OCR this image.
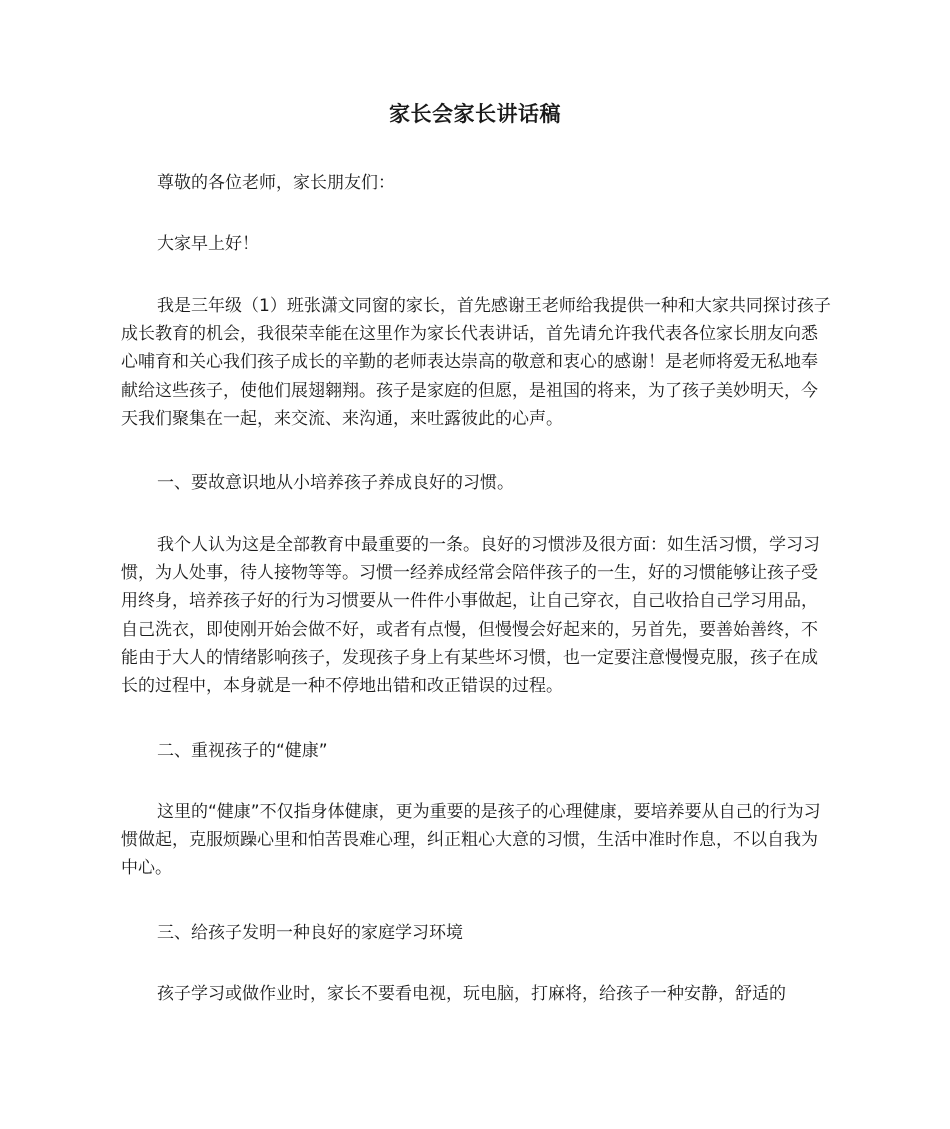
家长会家长讲话稿

尊敬的各位老师，家长朋友们：

大家早上好！

我是三年级（1）班张潇文同窗的家长，首先感谢王老师给我提供一种和大家共同探讨孩子成长教育的机会，我很荣幸能在这里作为家长代表讲话，首先请允许我代表各位家长朋友向悉心哺育和关心我们孩子成长的辛勤的老师表达崇高的敬意和衷心的感谢！是老师将爱无私地奉献给这些孩子，使他们展翅翱翔。孩子是家庭的但愿，是祖国的将来，为了孩子美妙明天，今天我们聚集在一起，来交流、来沟通，来吐露彼此的心声。

一、要故意识地从小培养孩子养成良好的习惯。

我个人认为这是全部教育中最重要的一条。良好的习惯涉及很方面：如生活习惯，学习习惯，为人处事，待人接物等等。习惯一经养成经常会陪伴孩子的一生，好的习惯能够让孩子受用终身，培养孩子好的行为习惯要从一件件小事做起，让自己穿衣，自己收拾自己学习用品，自己洗衣，即使刚开始会做不好，或者有点慢，但慢慢会好起来的，另首先，要善始善终，不能由于大人的情绪影响孩子，发现孩子身上有某些坏习惯，也一定要注意慢慢克服，孩子在成长的过程中，本身就是一种不停地出错和改正错误的过程。

二、重视孩子的“健康”

这里的“健康”不仅指身体健康，更为重要的是孩子的心理健康，要培养要从自己的行为习惯做起，克服烦躁心里和怕苦畏难心理，纠正粗心大意的习惯，生活中准时作息，不以自我为中心。

三、给孩子发明一种良好的家庭学习环境

孩子学习或做作业时，家长不要看电视，玩电脑，打麻将，给孩子一种安静，舒适的
